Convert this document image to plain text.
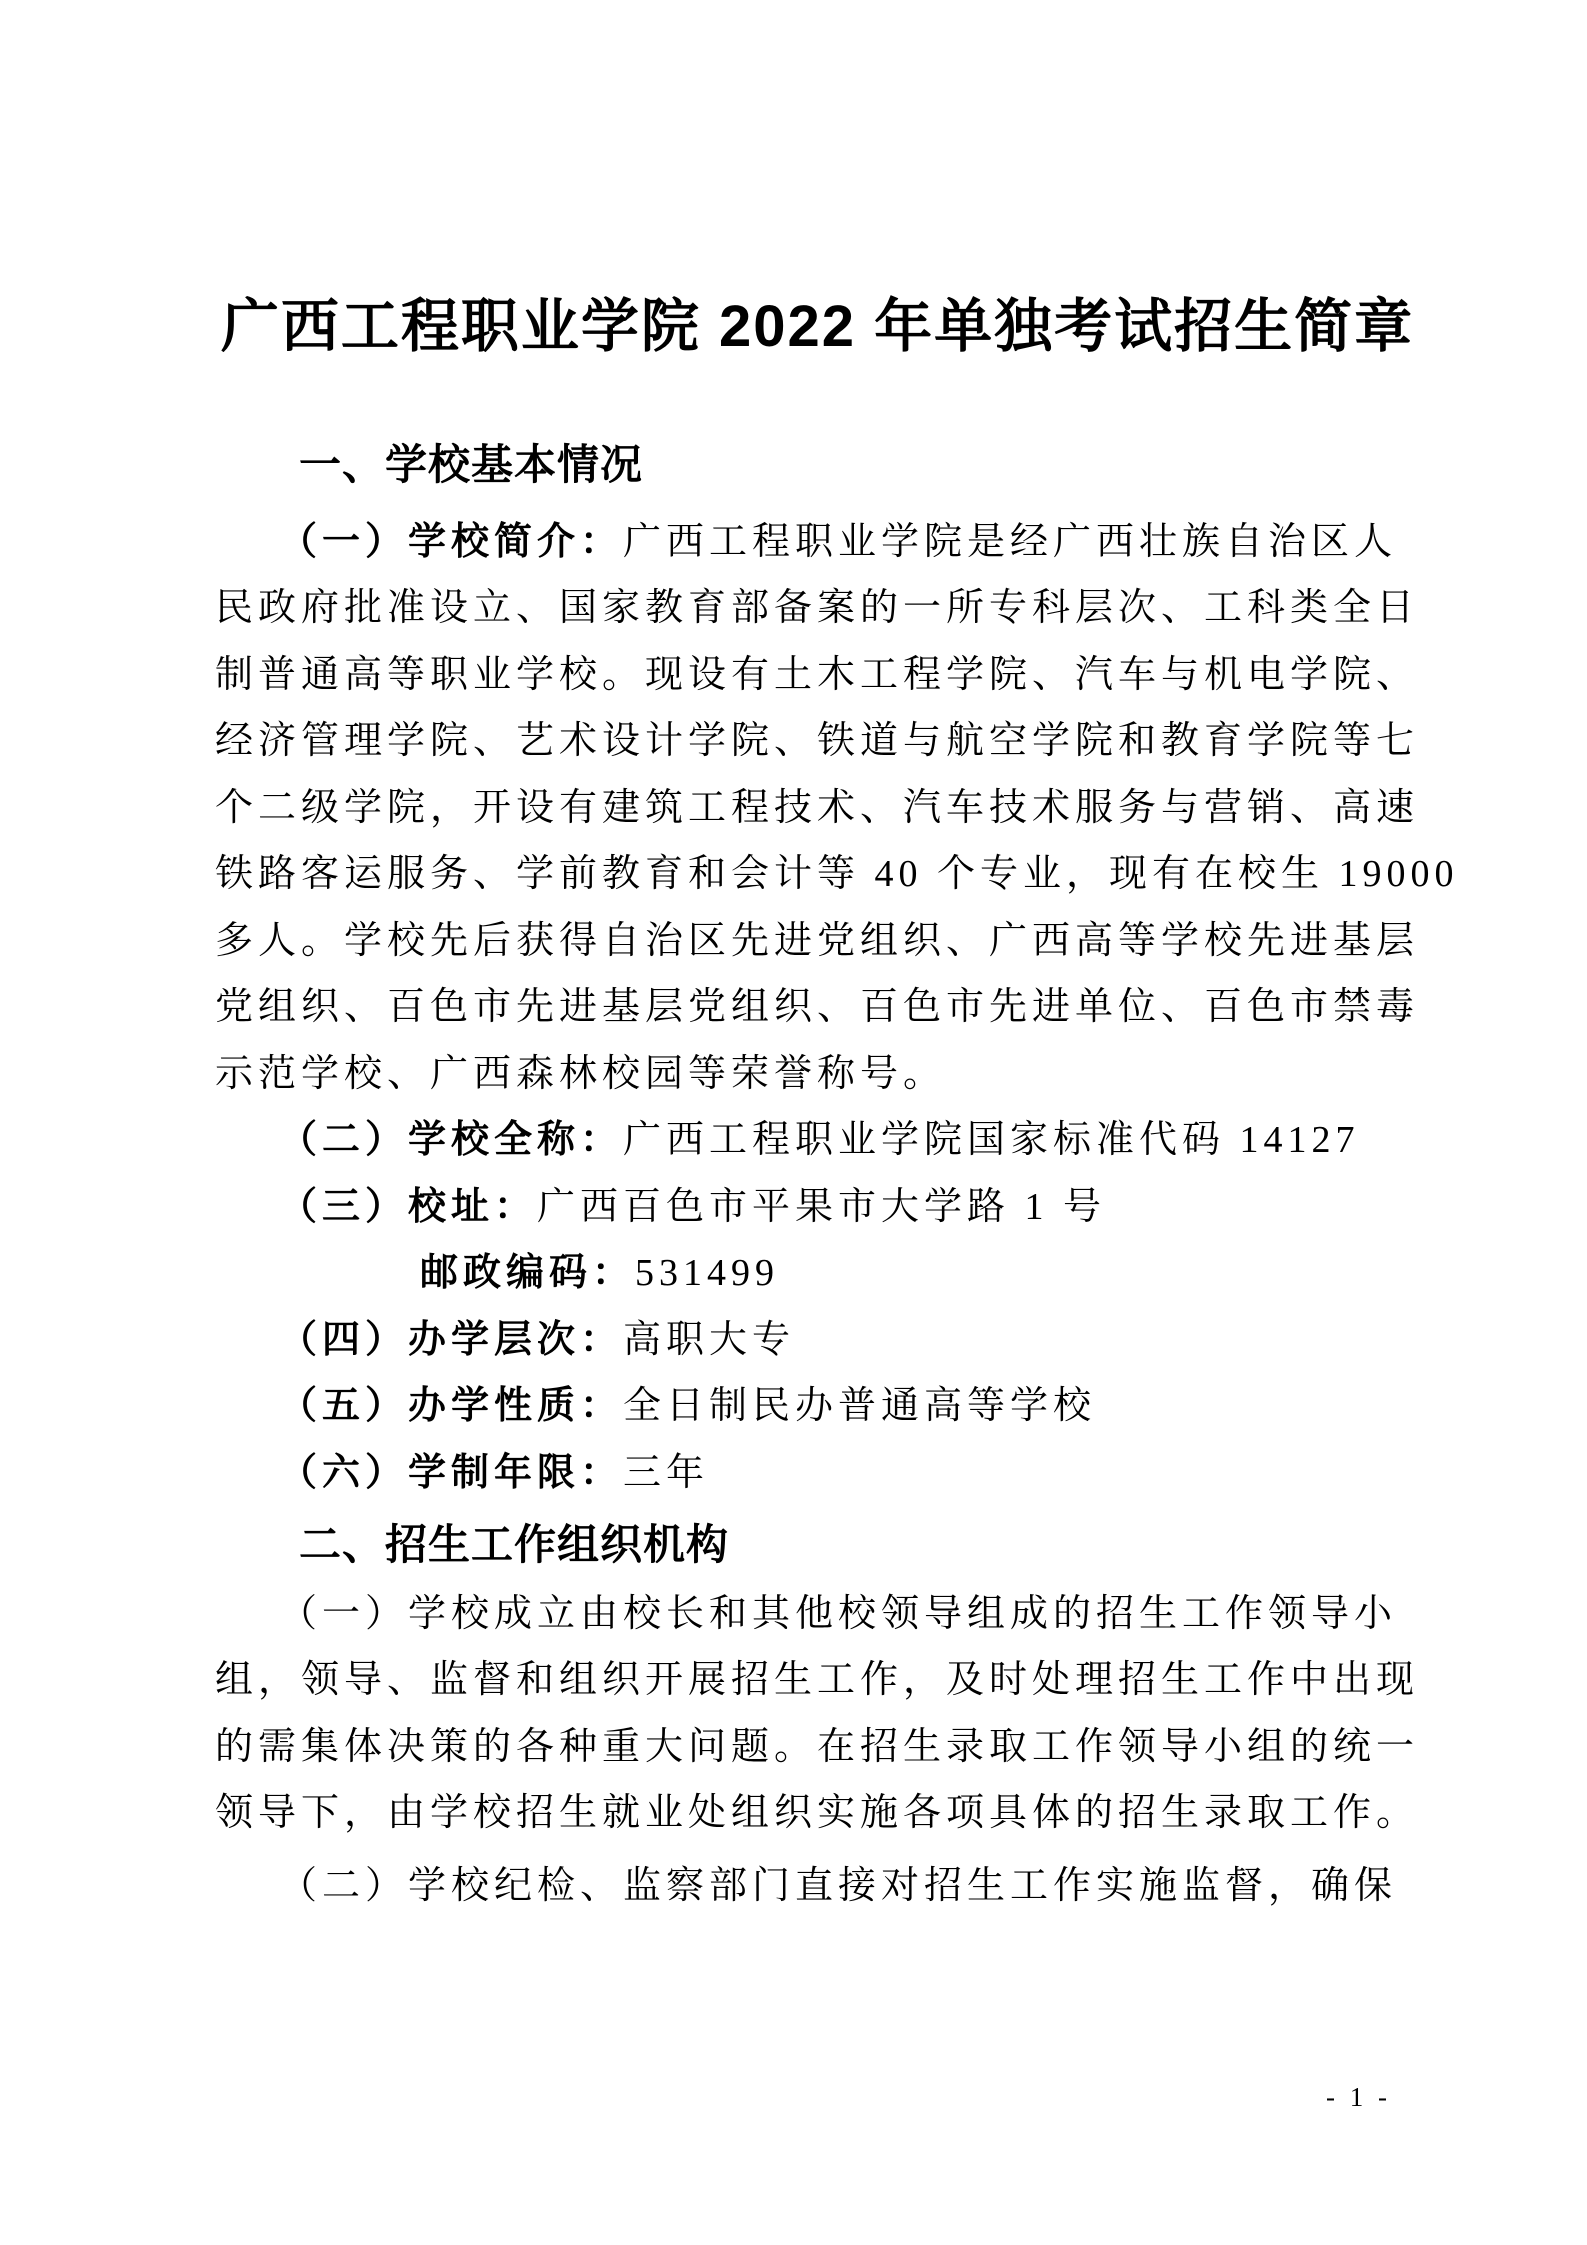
广西工程职业学院 2022 年单独考试招生简章
一、学校基本情况
（一）学校简介：广西工程职业学院是经广西壮族自治区人
民政府批准设立、国家教育部备案的一所专科层次、工科类全日
制普通高等职业学校。现设有土木工程学院、汽车与机电学院、
经济管理学院、艺术设计学院、铁道与航空学院和教育学院等七
个二级学院，开设有建筑工程技术、汽车技术服务与营销、高速
铁路客运服务、学前教育和会计等 40 个专业，现有在校生 19000
多人。学校先后获得自治区先进党组织、广西高等学校先进基层
党组织、百色市先进基层党组织、百色市先进单位、百色市禁毒
示范学校、广西森林校园等荣誉称号。
（二）学校全称：广西工程职业学院国家标准代码 14127
（三）校址：广西百色市平果市大学路 1 号
邮政编码：531499
（四）办学层次：高职大专
（五）办学性质：全日制民办普通高等学校
（六）学制年限：三年
二、招生工作组织机构
（一）学校成立由校长和其他校领导组成的招生工作领导小
组，领导、监督和组织开展招生工作，及时处理招生工作中出现
的需集体决策的各种重大问题。在招生录取工作领导小组的统一
领导下，由学校招生就业处组织实施各项具体的招生录取工作。
（二）学校纪检、监察部门直接对招生工作实施监督，确保
- 1 -
